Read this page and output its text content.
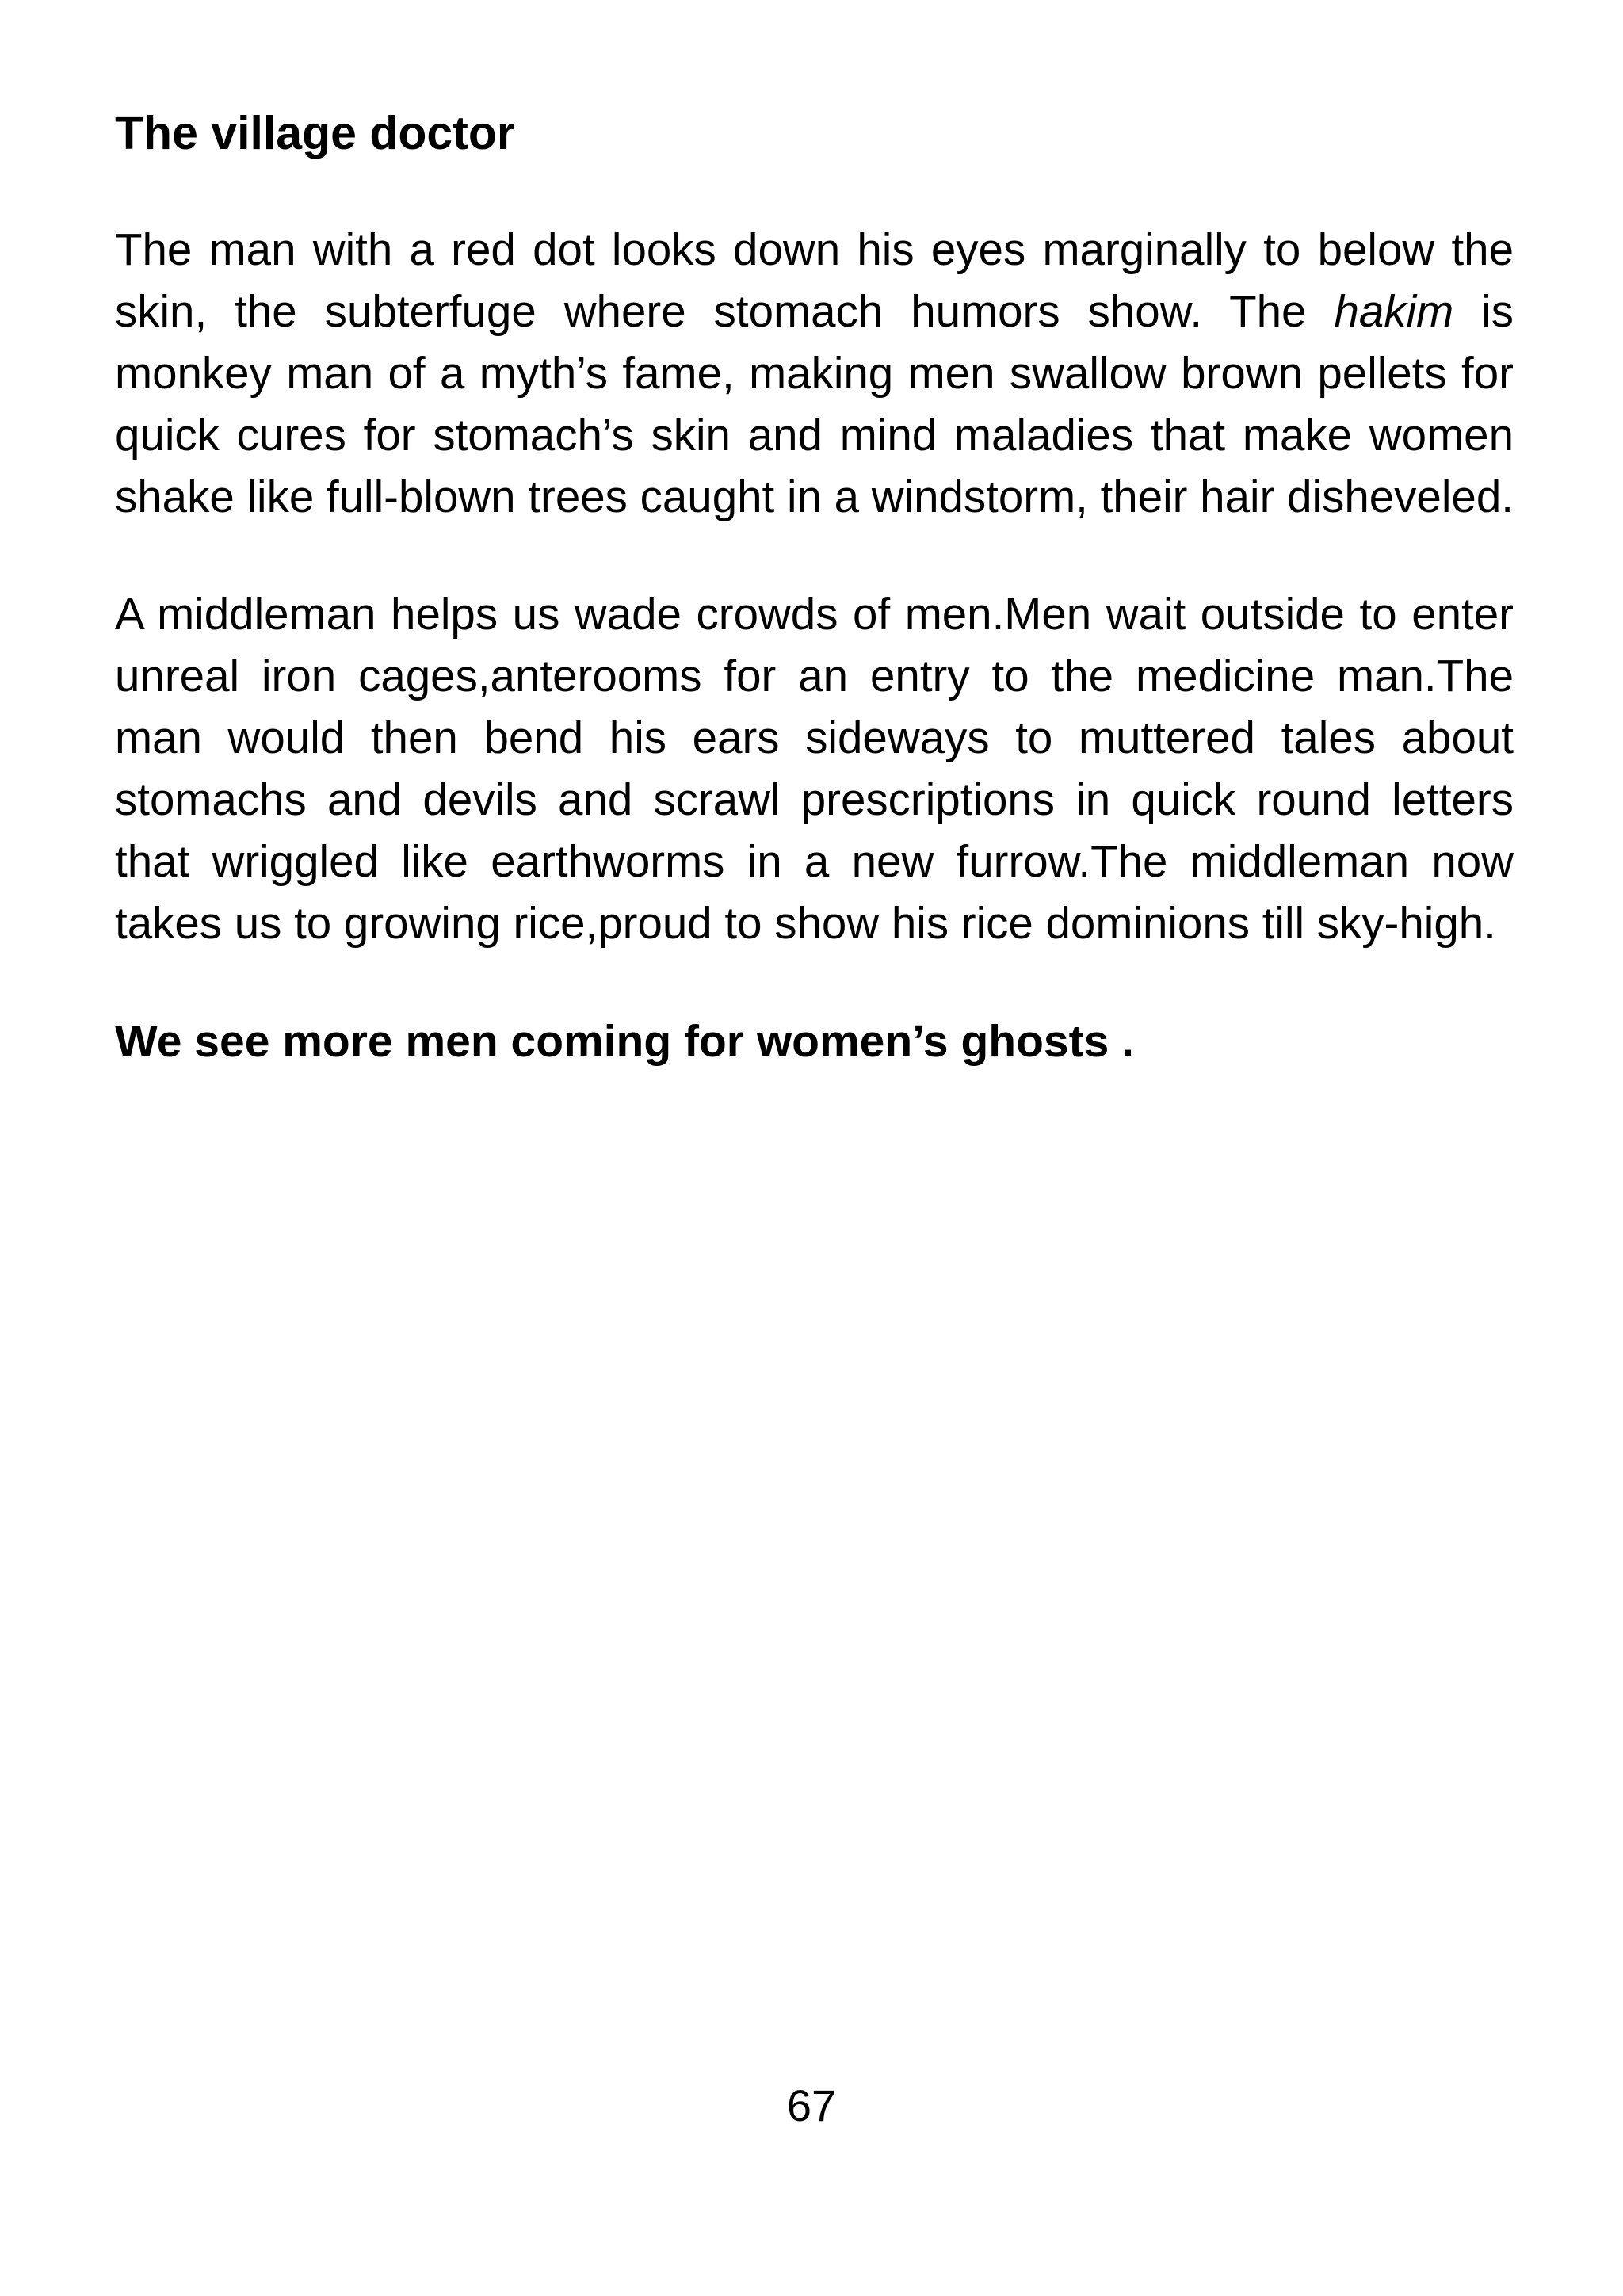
The village doctor

The man with a red dot looks down his eyes marginally to below the skin, the subterfuge where stomach humors show. The hakim is monkey man of a myth’s fame, making men swallow brown pellets for quick cures for stomach’s skin and mind maladies that make women shake like full-blown trees caught in a windstorm, their hair disheveled.

A middleman helps us wade crowds of men.Men wait outside to enter unreal iron cages,anterooms for an entry to the medicine man.The man would then bend his ears sideways to muttered tales about stomachs and devils and scrawl prescriptions in quick round letters that wriggled like earthworms in a new furrow.The middleman now takes us to growing rice,proud to show his rice dominions till sky-high.

We see more men coming for women’s ghosts .

67
